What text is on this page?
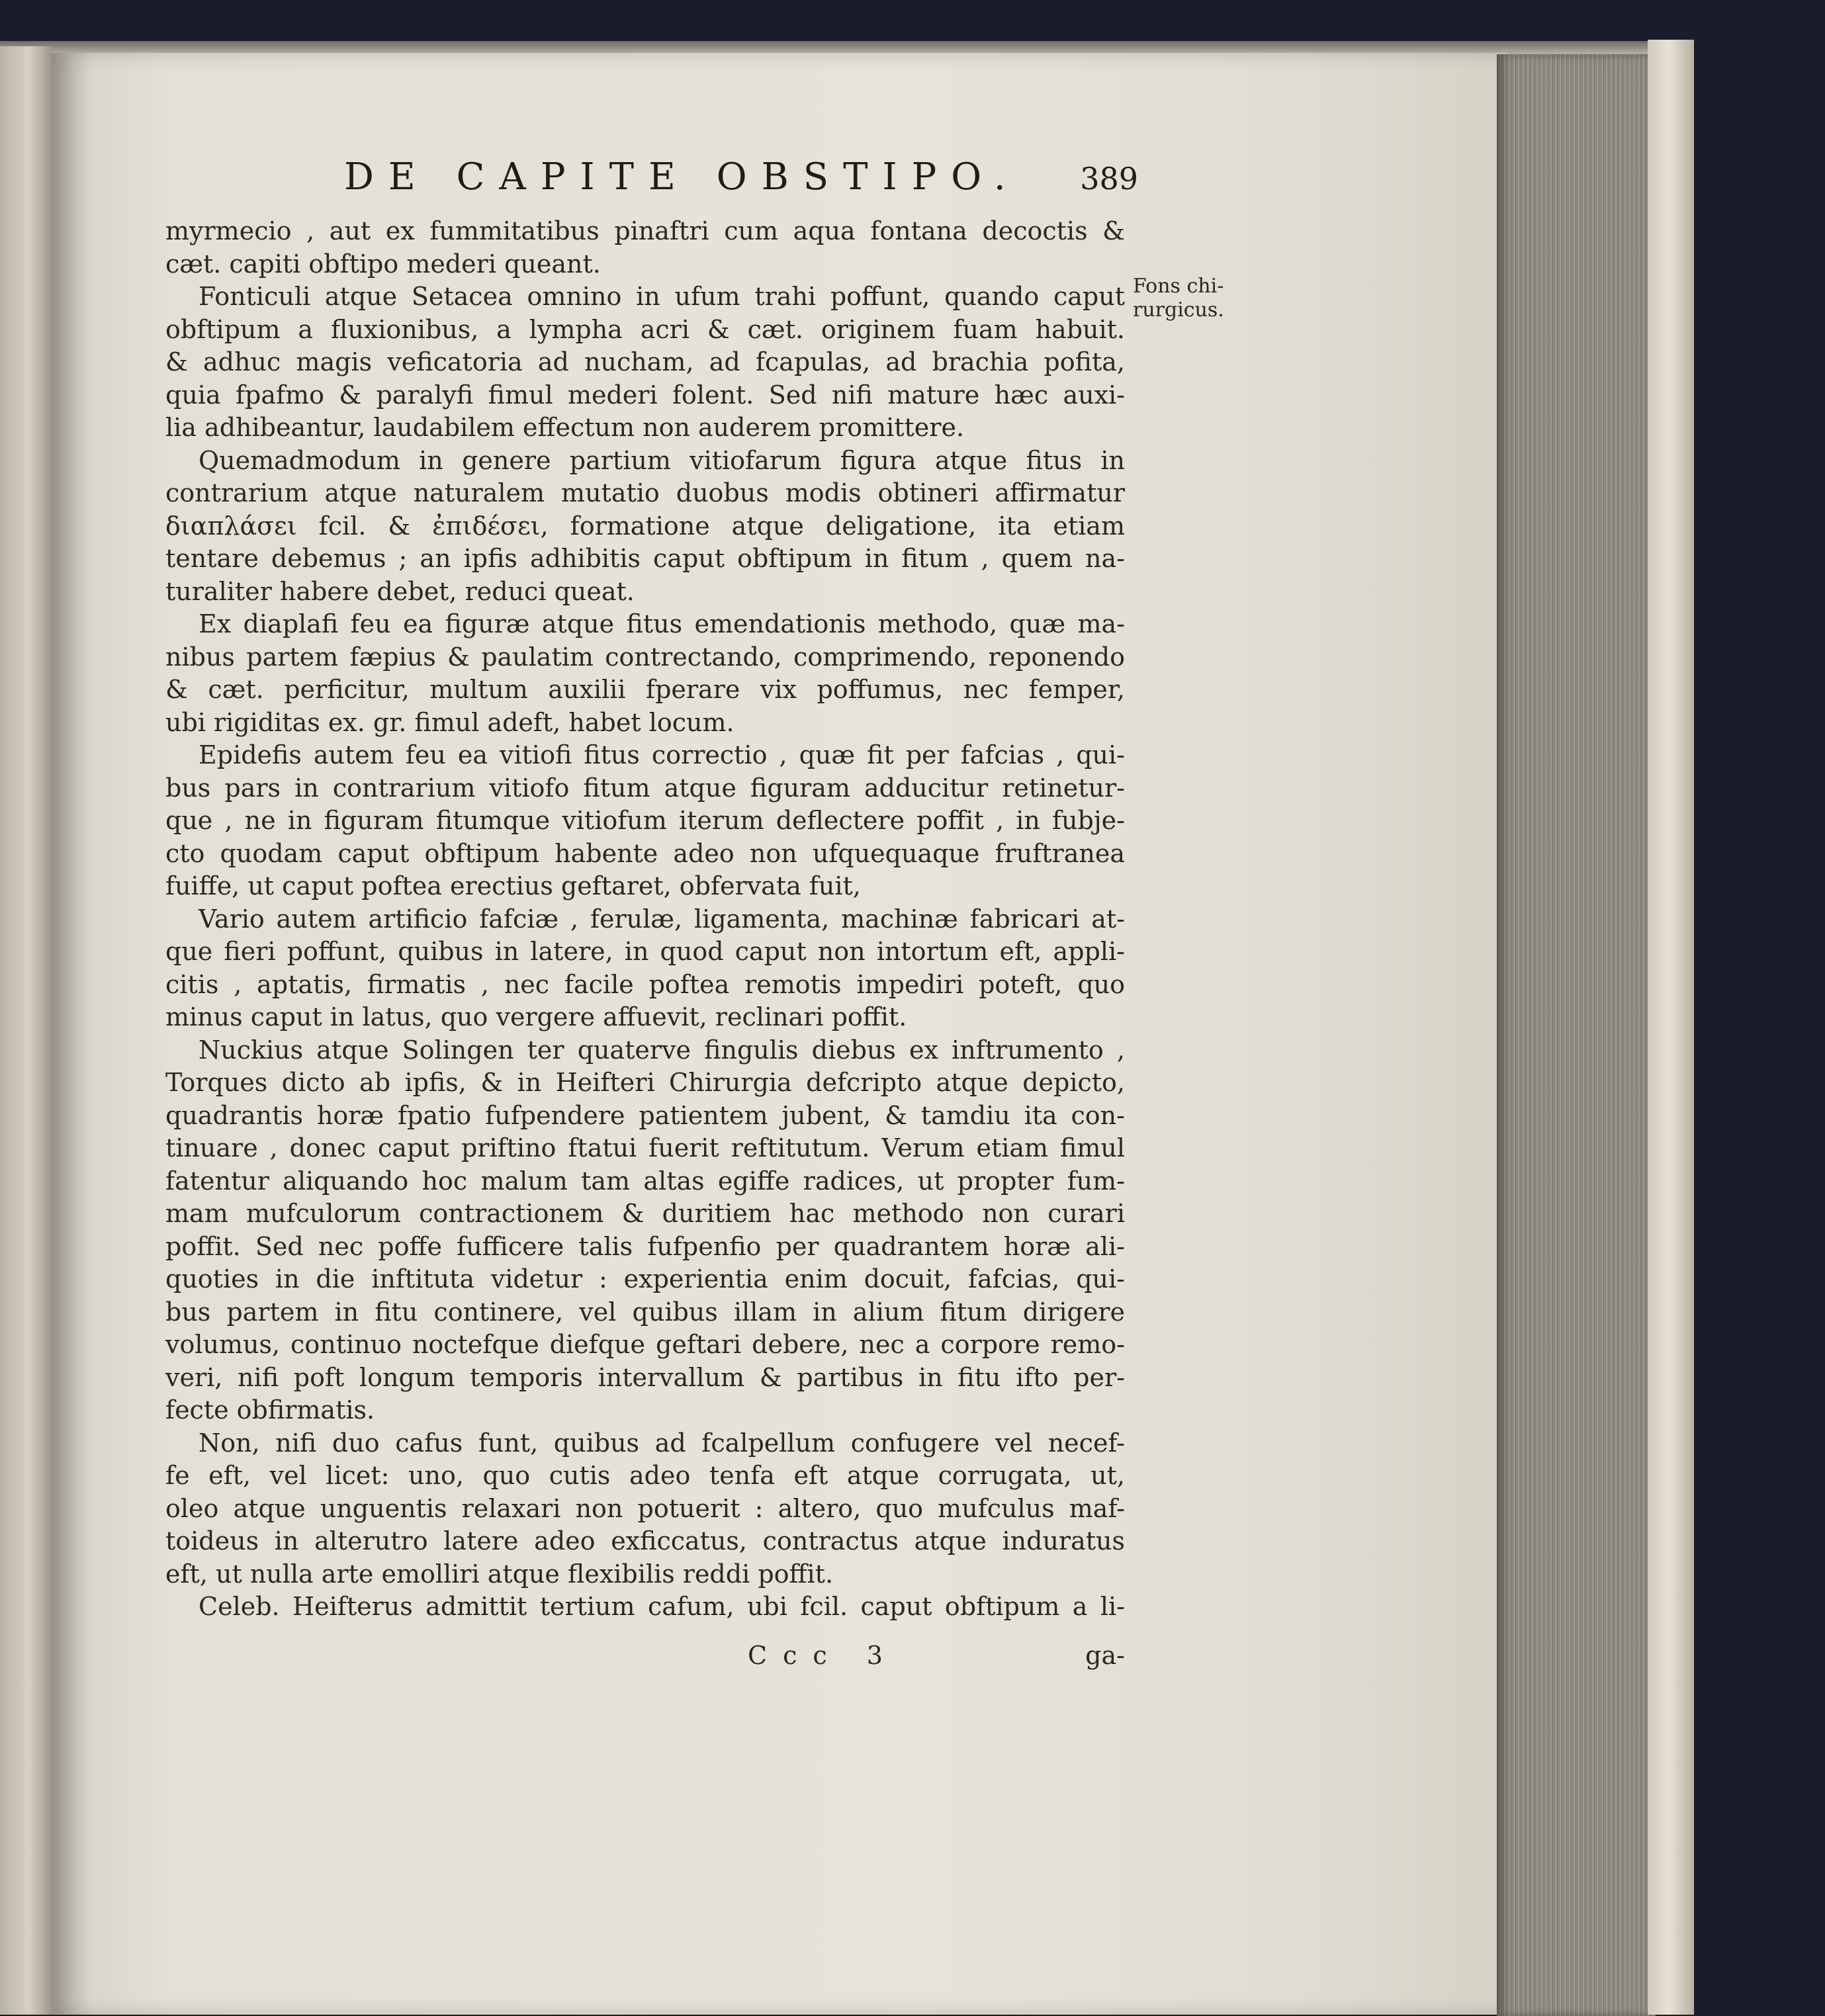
DE CAPITE OBSTIPO. 389
myrmecio , aut ex fummitatibus pinaftri cum aqua fontana decoctis &
cæt. capiti obftipo mederi queant.
Fonticuli atque Setacea omnino in ufum trahi poffunt, quando caput
obftipum a fluxionibus, a lympha acri & cæt. originem fuam habuit.
& adhuc magis veficatoria ad nucham, ad fcapulas, ad brachia pofita,
quia fpafmo & paralyfi fimul mederi folent. Sed nifi mature hæc auxi-
lia adhibeantur, laudabilem effectum non auderem promittere.
Quemadmodum in genere partium vitiofarum figura atque fitus in
contrarium atque naturalem mutatio duobus modis obtineri affirmatur
διαπλάσει fcil. & ἐπιδέσει, formatione atque deligatione, ita etiam
tentare debemus ; an ipfis adhibitis caput obftipum in fitum , quem na-
turaliter habere debet, reduci queat.
Ex diaplafi feu ea figuræ atque fitus emendationis methodo, quæ ma-
nibus partem fæpius & paulatim contrectando, comprimendo, reponendo
& cæt. perficitur, multum auxilii fperare vix poffumus, nec femper,
ubi rigiditas ex. gr. fimul adeft, habet locum.
Epidefis autem feu ea vitiofi fitus correctio , quæ fit per fafcias , qui-
bus pars in contrarium vitiofo fitum atque figuram adducitur retinetur-
que , ne in figuram fitumque vitiofum iterum deflectere poffit , in fubje-
cto quodam caput obftipum habente adeo non ufquequaque fruftranea
fuiffe, ut caput poftea erectius geftaret, obfervata fuit,
Vario autem artificio fafciæ , ferulæ, ligamenta, machinæ fabricari at-
que fieri poffunt, quibus in latere, in quod caput non intortum eft, appli-
citis , aptatis, firmatis , nec facile poftea remotis impediri poteft, quo
minus caput in latus, quo vergere affuevit, reclinari poffit.
Nuckius atque Solingen ter quaterve fingulis diebus ex inftrumento ,
Torques dicto ab ipfis, & in Heifteri Chirurgia defcripto atque depicto,
quadrantis horæ fpatio fufpendere patientem jubent, & tamdiu ita con-
tinuare , donec caput priftino ftatui fuerit reftitutum. Verum etiam fimul
fatentur aliquando hoc malum tam altas egiffe radices, ut propter fum-
mam mufculorum contractionem & duritiem hac methodo non curari
poffit. Sed nec poffe fufficere talis fufpenfio per quadrantem horæ ali-
quoties in die inftituta videtur : experientia enim docuit, fafcias, qui-
bus partem in fitu continere, vel quibus illam in alium fitum dirigere
volumus, continuo noctefque diefque geftari debere, nec a corpore remo-
veri, nifi poft longum temporis intervallum & partibus in fitu ifto per-
fecte obfirmatis.
Non, nifi duo cafus funt, quibus ad fcalpellum confugere vel necef-
fe eft, vel licet: uno, quo cutis adeo tenfa eft atque corrugata, ut,
oleo atque unguentis relaxari non potuerit : altero, quo mufculus maf-
toideus in alterutro latere adeo exficcatus, contractus atque induratus
eft, ut nulla arte emolliri atque flexibilis reddi poffit.
Celeb. Heifterus admittit tertium cafum, ubi fcil. caput obftipum a li-
Fons chi-
rurgicus.
Ccc 3	ga-
